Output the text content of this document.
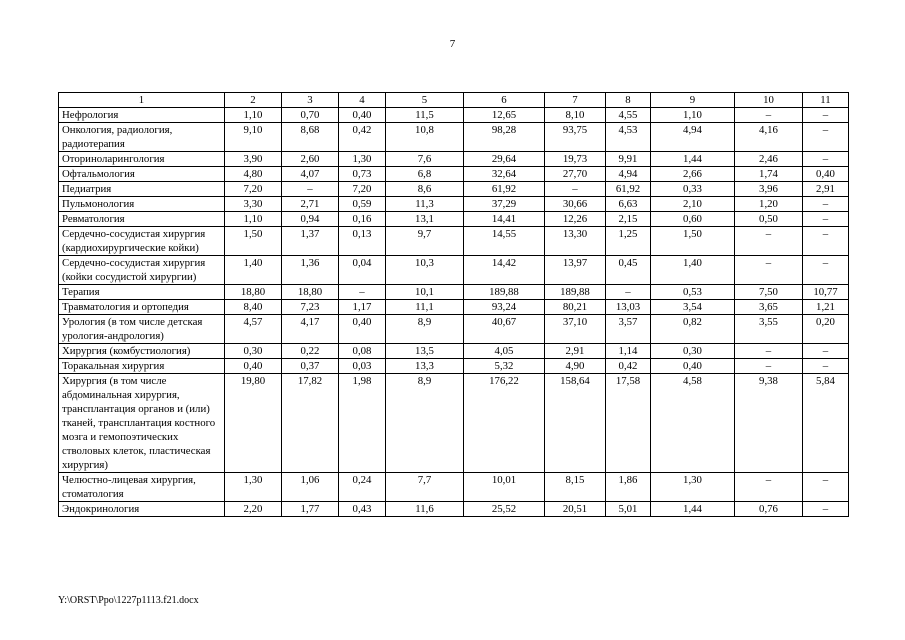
7
1	2	3	4	5	6	7	8	9	10	11
Нефрология	1,10	0,70	0,40	11,5	12,65	8,10	4,55	1,10	–	–
Онкология, радиология, радиотерапия	9,10	8,68	0,42	10,8	98,28	93,75	4,53	4,94	4,16	–
Оториноларингология	3,90	2,60	1,30	7,6	29,64	19,73	9,91	1,44	2,46	–
Офтальмология	4,80	4,07	0,73	6,8	32,64	27,70	4,94	2,66	1,74	0,40
Педиатрия	7,20	–	7,20	8,6	61,92	–	61,92	0,33	3,96	2,91
Пульмонология	3,30	2,71	0,59	11,3	37,29	30,66	6,63	2,10	1,20	–
Ревматология	1,10	0,94	0,16	13,1	14,41	12,26	2,15	0,60	0,50	–
Сердечно-сосудистая хирургия (кардиохирургические койки)	1,50	1,37	0,13	9,7	14,55	13,30	1,25	1,50	–	–
Сердечно-сосудистая хирургия (койки сосудистой хирургии)	1,40	1,36	0,04	10,3	14,42	13,97	0,45	1,40	–	–
Терапия	18,80	18,80	–	10,1	189,88	189,88	–	0,53	7,50	10,77
Травматология и ортопедия	8,40	7,23	1,17	11,1	93,24	80,21	13,03	3,54	3,65	1,21
Урология (в том числе детская урология-андрология)	4,57	4,17	0,40	8,9	40,67	37,10	3,57	0,82	3,55	0,20
Хирургия (комбустиология)	0,30	0,22	0,08	13,5	4,05	2,91	1,14	0,30	–	–
Торакальная хирургия	0,40	0,37	0,03	13,3	5,32	4,90	0,42	0,40	–	–
Хирургия (в том числе абдоминальная хирургия, трансплантация органов и (или) тканей, трансплантация костного мозга и гемопоэтических стволовых клеток, пластическая хирургия)	19,80	17,82	1,98	8,9	176,22	158,64	17,58	4,58	9,38	5,84
Челюстно-лицевая хирургия, стоматология	1,30	1,06	0,24	7,7	10,01	8,15	1,86	1,30	–	–
Эндокринология	2,20	1,77	0,43	11,6	25,52	20,51	5,01	1,44	0,76	–
Y:\ORST\Ppo\1227p1113.f21.docx
